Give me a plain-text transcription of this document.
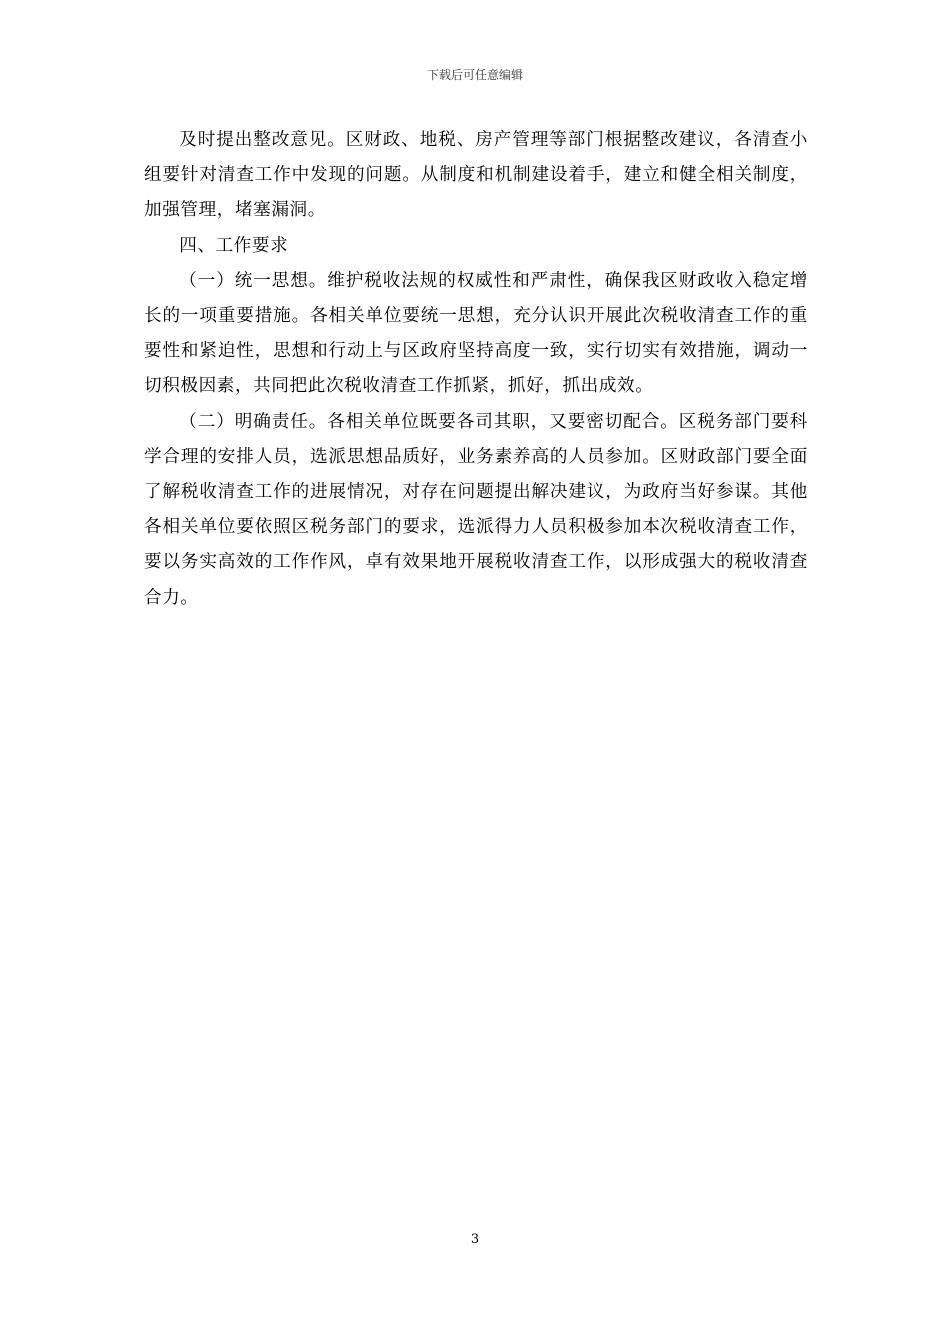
下载后可任意编辑

及时提出整改意见。区财政、地税、房产管理等部门根据整改建议，各清查小组要针对清查工作中发现的问题。从制度和机制建设着手，建立和健全相关制度，加强管理，堵塞漏洞。

四、工作要求

（一）统一思想。维护税收法规的权威性和严肃性，确保我区财政收入稳定增长的一项重要措施。各相关单位要统一思想，充分认识开展此次税收清查工作的重要性和紧迫性，思想和行动上与区政府坚持高度一致，实行切实有效措施，调动一切积极因素，共同把此次税收清查工作抓紧，抓好，抓出成效。

（二）明确责任。各相关单位既要各司其职，又要密切配合。区税务部门要科学合理的安排人员，选派思想品质好，业务素养高的人员参加。区财政部门要全面了解税收清查工作的进展情况，对存在问题提出解决建议，为政府当好参谋。其他各相关单位要依照区税务部门的要求，选派得力人员积极参加本次税收清查工作，要以务实高效的工作作风，卓有效果地开展税收清查工作，以形成强大的税收清查合力。

3
